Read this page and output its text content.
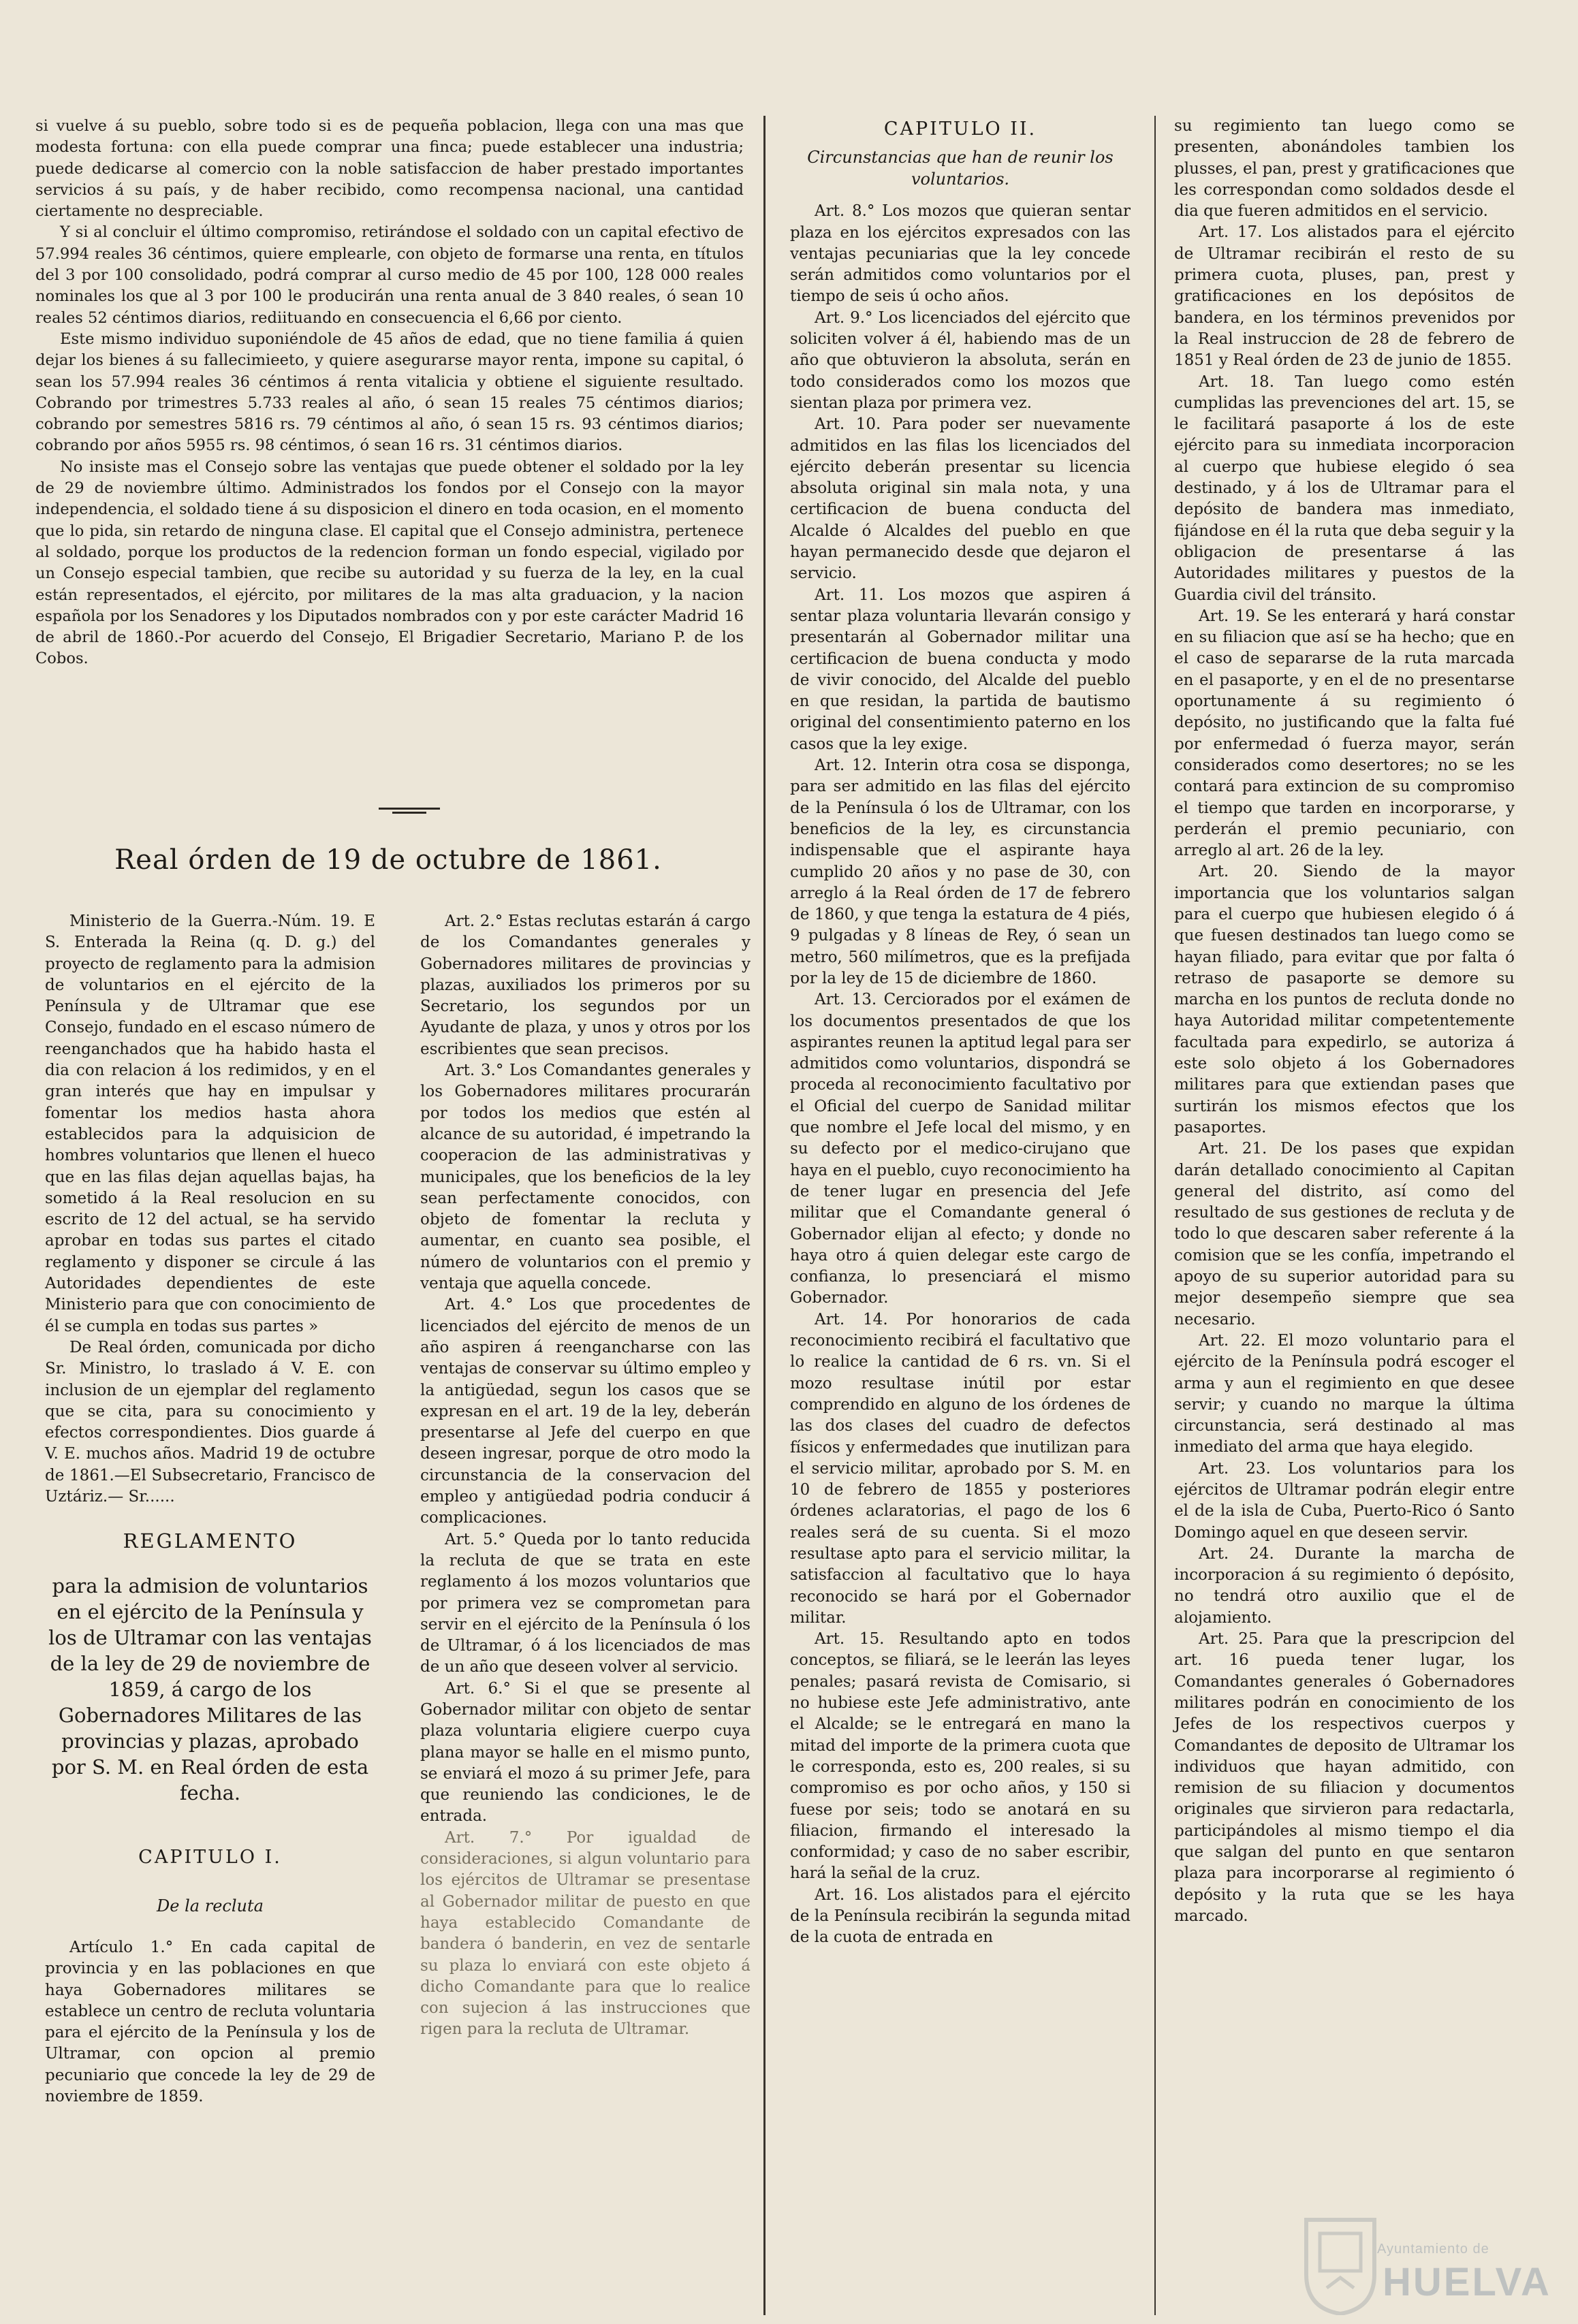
si vuelve á su pueblo, sobre todo si es de pequeña poblacion, llega con una mas que modesta fortuna: con ella puede comprar una finca; puede establecer una industria; puede dedicarse al comercio con la noble satisfaccion de haber prestado importantes servicios á su país, y de haber recibido, como recompensa nacional, una cantidad ciertamente no despreciable.

Y si al concluir el último compromiso, retirándose el soldado con un capital efectivo de 57.994 reales 36 céntimos, quiere emplearle, con objeto de formarse una renta, en títulos del 3 por 100 consolidado, podrá comprar al curso medio de 45 por 100, 128 000 reales nominales los que al 3 por 100 le producirán una renta anual de 3 840 reales, ó sean 10 reales 52 céntimos diarios, rediituando en consecuencia el 6,66 por ciento.

Este mismo individuo suponiéndole de 45 años de edad, que no tiene familia á quien dejar los bienes á su fallecimieeto, y quiere asegurarse mayor renta, impone su capital, ó sean los 57.994 reales 36 céntimos á renta vitalicia y obtiene el siguiente resultado. Cobrando por trimestres 5.733 reales al año, ó sean 15 reales 75 céntimos diarios; cobrando por semestres 5816 rs. 79 céntimos al año, ó sean 15 rs. 93 céntimos diarios; cobrando por años 5955 rs. 98 céntimos, ó sean 16 rs. 31 céntimos diarios.

No insiste mas el Consejo sobre las ventajas que puede obtener el soldado por la ley de 29 de noviembre último. Administrados los fondos por el Consejo con la mayor independencia, el soldado tiene á su disposicion el dinero en toda ocasion, en el momento que lo pida, sin retardo de ninguna clase. El capital que el Consejo administra, pertenece al soldado, porque los productos de la redencion forman un fondo especial, vigilado por un Consejo especial tambien, que recibe su autoridad y su fuerza de la ley, en la cual están representados, el ejército, por militares de la mas alta graduacion, y la nacion española por los Senadores y los Diputados nombrados con y por este carácter Madrid 16 de abril de 1860.-Por acuerdo del Consejo, El Brigadier Secretario, Mariano P. de los Cobos.

Real órden de 19 de octubre de 1861.

Ministerio de la Guerra.-Núm. 19. E S. Enterada la Reina (q. D. g.) del proyecto de reglamento para la admision de voluntarios en el ejército de la Península y de Ultramar que ese Consejo, fundado en el escaso número de reenganchados que ha habido hasta el dia con relacion á los redimidos, y en el gran interés que hay en impulsar y fomentar los medios hasta ahora establecidos para la adquisicion de hombres voluntarios que llenen el hueco que en las filas dejan aquellas bajas, ha sometido á la Real resolucion en su escrito de 12 del actual, se ha servido aprobar en todas sus partes el citado reglamento y disponer se circule á las Autoridades dependientes de este Ministerio para que con conocimiento de él se cumpla en todas sus partes »

De Real órden, comunicada por dicho Sr. Ministro, lo traslado á V. E. con inclusion de un ejemplar del reglamento que se cita, para su conocimiento y efectos correspondientes. Dios guarde á V. E. muchos años. Madrid 19 de octubre de 1861.—El Subsecretario, Francisco de Uztáriz.— Sr......

REGLAMENTO
para la admision de voluntarios en el ejército de la Península y los de Ultramar con las ventajas de la ley de 29 de noviembre de 1859, á cargo de los Gobernadores Militares de las provincias y plazas, aprobado por S. M. en Real órden de esta fecha.
CAPITULO I.
De la recluta

Artículo 1.° En cada capital de provincia y en las poblaciones en que haya Gobernadores militares se establece un centro de recluta voluntaria para el ejército de la Península y los de Ultramar, con opcion al premio pecuniario que concede la ley de 29 de noviembre de 1859.

Art. 2.° Estas reclutas estarán á cargo de los Comandantes generales y Gobernadores militares de provincias y plazas, auxiliados los primeros por su Secretario, los segundos por un Ayudante de plaza, y unos y otros por los escribientes que sean precisos.

Art. 3.° Los Comandantes generales y los Gobernadores militares procurarán por todos los medios que estén al alcance de su autoridad, é impetrando la cooperacion de las administrativas y municipales, que los beneficios de la ley sean perfectamente conocidos, con objeto de fomentar la recluta y aumentar, en cuanto sea posible, el número de voluntarios con el premio y ventaja que aquella concede.

Art. 4.° Los que procedentes de licenciados del ejército de menos de un año aspiren á reengancharse con las ventajas de conservar su último empleo y la antigüedad, segun los casos que se expresan en el art. 19 de la ley, deberán presentarse al Jefe del cuerpo en que deseen ingresar, porque de otro modo la circunstancia de la conservacion del empleo y antigüedad podria conducir á complicaciones.

Art. 5.° Queda por lo tanto reducida la recluta de que se trata en este reglamento á los mozos voluntarios que por primera vez se comprometan para servir en el ejército de la Península ó los de Ultramar, ó á los licenciados de mas de un año que deseen volver al servicio.

Art. 6.° Si el que se presente al Gobernador militar con objeto de sentar plaza voluntaria eligiere cuerpo cuya plana mayor se halle en el mismo punto, se enviará el mozo á su primer Jefe, para que reuniendo las condiciones, le de entrada.

Art. 7.° Por igualdad de consideraciones, si algun voluntario para los ejércitos de Ultramar se presentase al Gobernador militar de puesto en que haya establecido Comandante de bandera ó banderin, en vez de sentarle su plaza lo enviará con este objeto á dicho Comandante para que lo realice con sujecion á las instrucciones que rigen para la recluta de Ultramar.

CAPITULO II.
Circunstancias que han de reunir los voluntarios.

Art. 8.° Los mozos que quieran sentar plaza en los ejércitos expresados con las ventajas pecuniarias que la ley concede serán admitidos como voluntarios por el tiempo de seis ú ocho años.

Art. 9.° Los licenciados del ejército que soliciten volver á él, habiendo mas de un año que obtuvieron la absoluta, serán en todo considerados como los mozos que sientan plaza por primera vez.

Art. 10. Para poder ser nuevamente admitidos en las filas los licenciados del ejército deberán presentar su licencia absoluta original sin mala nota, y una certificacion de buena conducta del Alcalde ó Alcaldes del pueblo en que hayan permanecido desde que dejaron el servicio.

Art. 11. Los mozos que aspiren á sentar plaza voluntaria llevarán consigo y presentarán al Gobernador militar una certificacion de buena conducta y modo de vivir conocido, del Alcalde del pueblo en que residan, la partida de bautismo original del consentimiento paterno en los casos que la ley exige.

Art. 12. Interin otra cosa se disponga, para ser admitido en las filas del ejército de la Península ó los de Ultramar, con los beneficios de la ley, es circunstancia indispensable que el aspirante haya cumplido 20 años y no pase de 30, con arreglo á la Real órden de 17 de febrero de 1860, y que tenga la estatura de 4 piés, 9 pulgadas y 8 líneas de Rey, ó sean un metro, 560 milímetros, que es la prefijada por la ley de 15 de diciembre de 1860.

Art. 13. Cerciorados por el exámen de los documentos presentados de que los aspirantes reunen la aptitud legal para ser admitidos como voluntarios, dispondrá se proceda al reconocimiento facultativo por el Oficial del cuerpo de Sanidad militar que nombre el Jefe local del mismo, y en su defecto por el medico-cirujano que haya en el pueblo, cuyo reconocimiento ha de tener lugar en presencia del Jefe militar que el Comandante general ó Gobernador elijan al efecto; y donde no haya otro á quien delegar este cargo de confianza, lo presenciará el mismo Gobernador.

Art. 14. Por honorarios de cada reconocimiento recibirá el facultativo que lo realice la cantidad de 6 rs. vn. Si el mozo resultase inútil por estar comprendido en alguno de los órdenes de las dos clases del cuadro de defectos físicos y enfermedades que inutilizan para el servicio militar, aprobado por S. M. en 10 de febrero de 1855 y posteriores órdenes aclaratorias, el pago de los 6 reales será de su cuenta. Si el mozo resultase apto para el servicio militar, la satisfaccion al facultativo que lo haya reconocido se hará por el Gobernador militar.

Art. 15. Resultando apto en todos conceptos, se filiará, se le leerán las leyes penales; pasará revista de Comisario, si no hubiese este Jefe administrativo, ante el Alcalde; se le entregará en mano la mitad del importe de la primera cuota que le corresponda, esto es, 200 reales, si su compromiso es por ocho años, y 150 si fuese por seis; todo se anotará en su filiacion, firmando el interesado la conformidad; y caso de no saber escribir, hará la señal de la cruz.

Art. 16. Los alistados para el ejército de la Península recibirán la segunda mitad de la cuota de entrada en

su regimiento tan luego como se presenten, abonándoles tambien los plusses, el pan, prest y gratificaciones que les correspondan como soldados desde el dia que fueren admitidos en el servicio.

Art. 17. Los alistados para el ejército de Ultramar recibirán el resto de su primera cuota, pluses, pan, prest y gratificaciones en los depósitos de bandera, en los términos prevenidos por la Real instruccion de 28 de febrero de 1851 y Real órden de 23 de junio de 1855.

Art. 18. Tan luego como estén cumplidas las prevenciones del art. 15, se le facilitará pasaporte á los de este ejército para su inmediata incorporacion al cuerpo que hubiese elegido ó sea destinado, y á los de Ultramar para el depósito de bandera mas inmediato, fijándose en él la ruta que deba seguir y la obligacion de presentarse á las Autoridades militares y puestos de la Guardia civil del tránsito.

Art. 19. Se les enterará y hará constar en su filiacion que así se ha hecho; que en el caso de separarse de la ruta marcada en el pasaporte, y en el de no presentarse oportunamente á su regimiento ó depósito, no justificando que la falta fué por enfermedad ó fuerza mayor, serán considerados como desertores; no se les contará para extincion de su compromiso el tiempo que tarden en incorporarse, y perderán el premio pecuniario, con arreglo al art. 26 de la ley.

Art. 20. Siendo de la mayor importancia que los voluntarios salgan para el cuerpo que hubiesen elegido ó á que fuesen destinados tan luego como se hayan filiado, para evitar que por falta ó retraso de pasaporte se demore su marcha en los puntos de recluta donde no haya Autoridad militar competentemente facultada para expedirlo, se autoriza á este solo objeto á los Gobernadores militares para que extiendan pases que surtirán los mismos efectos que los pasaportes.

Art. 21. De los pases que expidan darán detallado conocimiento al Capitan general del distrito, así como del resultado de sus gestiones de recluta y de todo lo que descaren saber referente á la comision que se les confía, impetrando el apoyo de su superior autoridad para su mejor desempeño siempre que sea necesario.

Art. 22. El mozo voluntario para el ejército de la Península podrá escoger el arma y aun el regimiento en que desee servir; y cuando no marque la última circunstancia, será destinado al mas inmediato del arma que haya elegido.

Art. 23. Los voluntarios para los ejércitos de Ultramar podrán elegir entre el de la isla de Cuba, Puerto-Rico ó Santo Domingo aquel en que deseen servir.

Art. 24. Durante la marcha de incorporacion á su regimiento ó depósito, no tendrá otro auxilio que el de alojamiento.

Art. 25. Para que la prescripcion del art. 16 pueda tener lugar, los Comandantes generales ó Gobernadores militares podrán en conocimiento de los Jefes de los respectivos cuerpos y Comandantes de deposito de Ultramar los individuos que hayan admitido, con remision de su filiacion y documentos originales que sirvieron para redactarla, participándoles al mismo tiempo el dia que salgan del punto en que sentaron plaza para incorporarse al regimiento ó depósito y la ruta que se les haya marcado.

Ayuntamiento de
HUELVA
